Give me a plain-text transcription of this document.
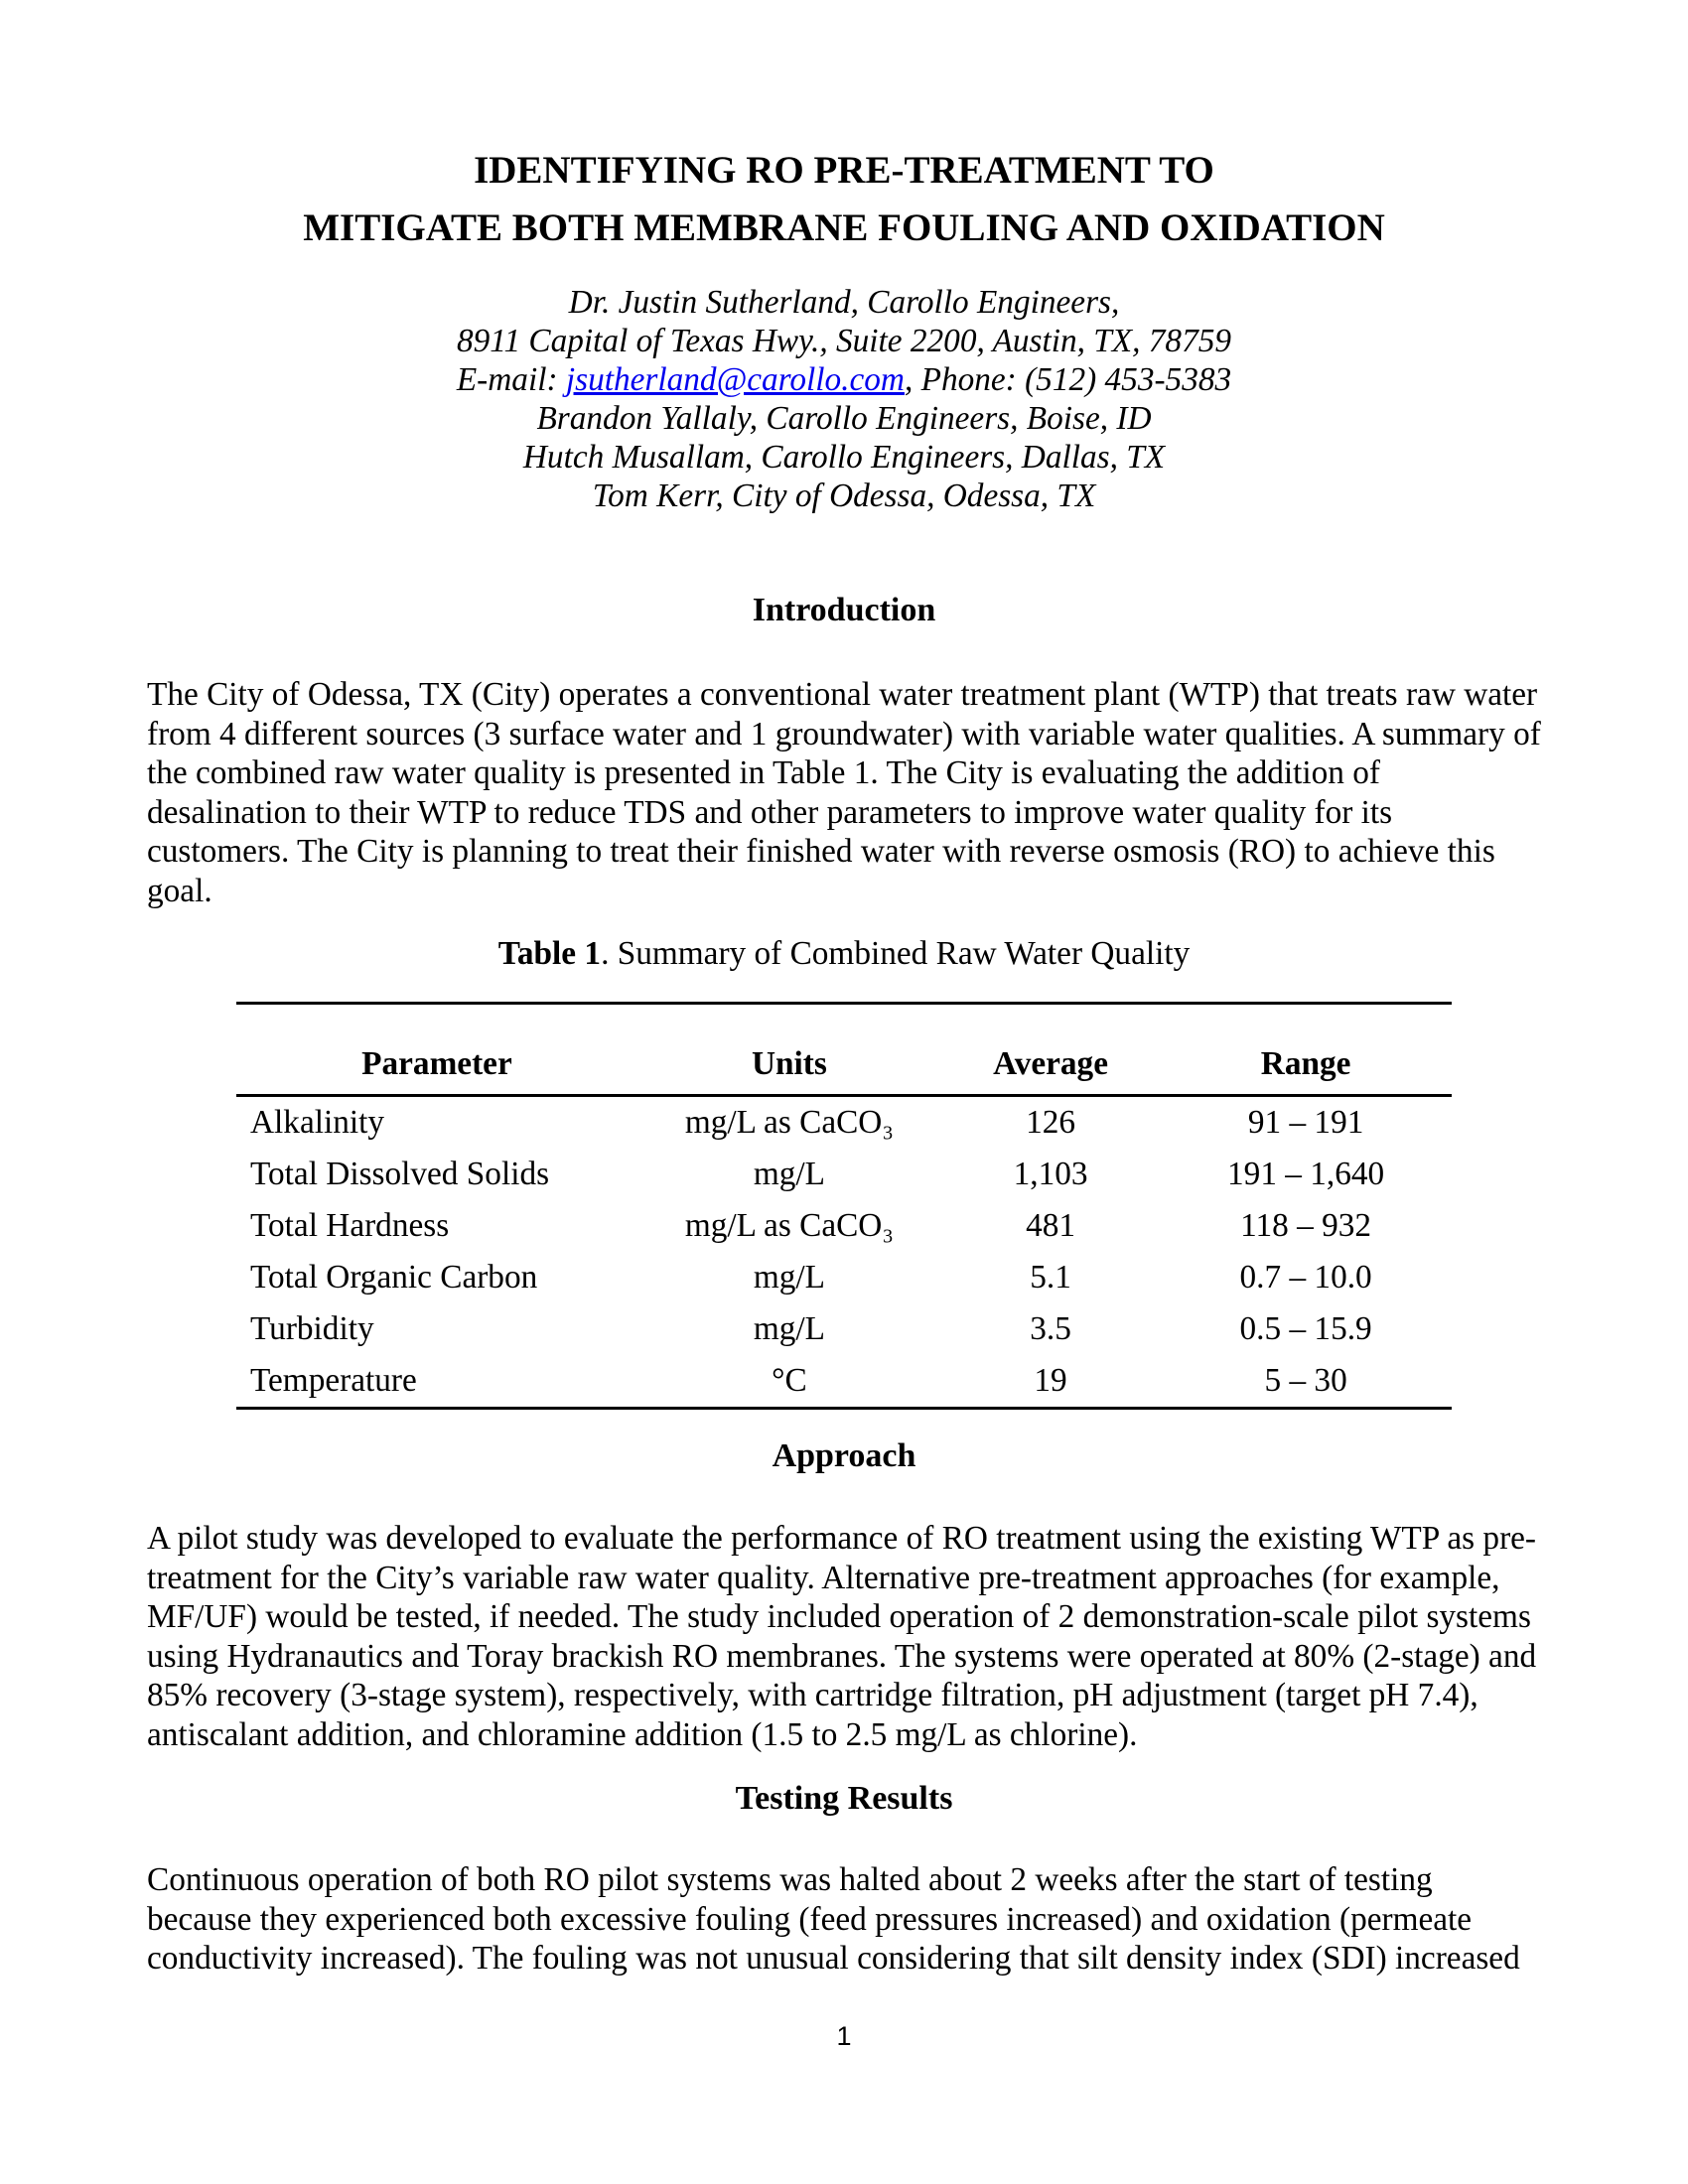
IDENTIFYING RO PRE-TREATMENT TO
MITIGATE BOTH MEMBRANE FOULING AND OXIDATION
Dr. Justin Sutherland, Carollo Engineers,
8911 Capital of Texas Hwy., Suite 2200, Austin, TX, 78759
E-mail: jsutherland@carollo.com, Phone: (512) 453-5383
Brandon Yallaly, Carollo Engineers, Boise, ID
Hutch Musallam, Carollo Engineers, Dallas, TX
Tom Kerr, City of Odessa, Odessa, TX
Introduction
The City of Odessa, TX (City) operates a conventional water treatment plant (WTP) that treats raw water from 4 different sources (3 surface water and 1 groundwater) with variable water qualities. A summary of the combined raw water quality is presented in Table 1. The City is evaluating the addition of desalination to their WTP to reduce TDS and other parameters to improve water quality for its customers. The City is planning to treat their finished water with reverse osmosis (RO) to achieve this goal.
Table 1. Summary of Combined Raw Water Quality
Parameter	Units	Average	Range
Alkalinity	mg/L as CaCO₃	126	91 – 191
Total Dissolved Solids	mg/L	1,103	191 – 1,640
Total Hardness	mg/L as CaCO₃	481	118 – 932
Total Organic Carbon	mg/L	5.1	0.7 – 10.0
Turbidity	mg/L	3.5	0.5 – 15.9
Temperature	°C	19	5 – 30
Approach
A pilot study was developed to evaluate the performance of RO treatment using the existing WTP as pre-treatment for the City’s variable raw water quality. Alternative pre-treatment approaches (for example, MF/UF) would be tested, if needed. The study included operation of 2 demonstration-scale pilot systems using Hydranautics and Toray brackish RO membranes. The systems were operated at 80% (2-stage) and 85% recovery (3-stage system), respectively, with cartridge filtration, pH adjustment (target pH 7.4), antiscalant addition, and chloramine addition (1.5 to 2.5 mg/L as chlorine).
Testing Results
Continuous operation of both RO pilot systems was halted about 2 weeks after the start of testing because they experienced both excessive fouling (feed pressures increased) and oxidation (permeate conductivity increased). The fouling was not unusual considering that silt density index (SDI) increased
1
